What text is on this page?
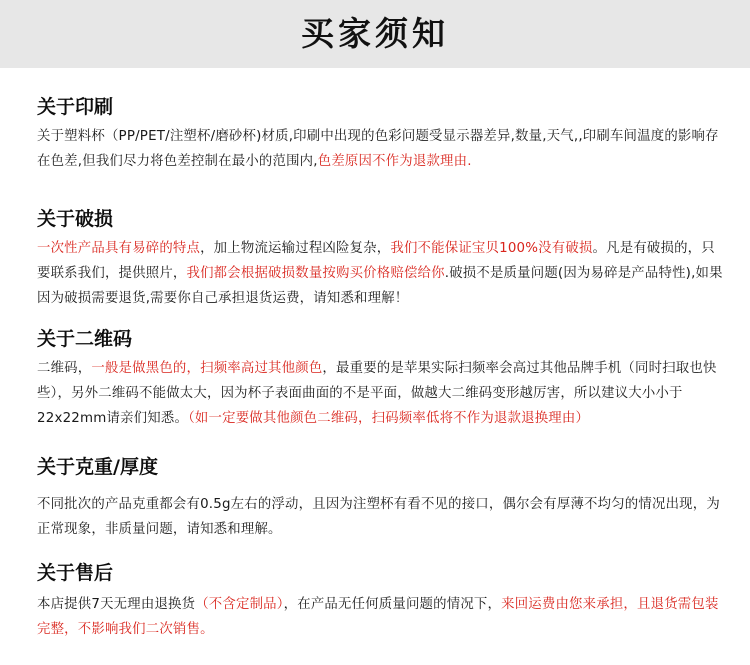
买家须知
关于印刷

关于塑料杯（PP/PET/注塑杯/磨砂杯)材质,印刷中出现的色彩问题受显示器差异,数量,天气,,印刷车间温度的影响存在色差,但我们尽力将色差控制在最小的范围内,色差原因不作为退款理由.

关于破损

一次性产品具有易碎的特点，加上物流运输过程凶险复杂，我们不能保证宝贝100%没有破损。凡是有破损的，只要联系我们，提供照片，我们都会根据破损数量按购买价格赔偿给你.破损不是质量问题(因为易碎是产品特性),如果因为破损需要退货,需要你自己承担退货运费，请知悉和理解！

关于二维码

二维码，一般是做黑色的，扫频率高过其他颜色，最重要的是苹果实际扫频率会高过其他品牌手机（同时扫取也快些），另外二维码不能做太大，因为杯子表面曲面的不是平面，做越大二维码变形越厉害，所以建议大小小于22x22mm请亲们知悉。（如一定要做其他颜色二维码，扫码频率低将不作为退款退换理由）

关于克重/厚度

不同批次的产品克重都会有0.5g左右的浮动，且因为注塑杯有看不见的接口，偶尔会有厚薄不均匀的情况出现，为正常现象，非质量问题，请知悉和理解。

关于售后

本店提供7天无理由退换货（不含定制品），在产品无任何质量问题的情况下，来回运费由您来承担，且退货需包装完整，不影响我们二次销售。
